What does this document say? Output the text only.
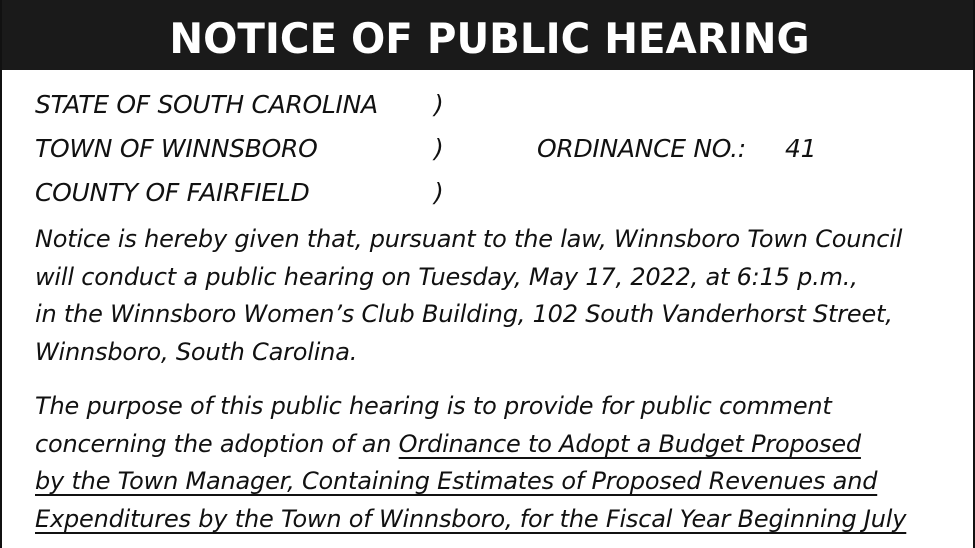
NOTICE OF PUBLIC HEARING
STATE OF SOUTH CAROLINA )
TOWN OF WINNSBORO	)	ORDINANCE NO.: 41
COUNTY OF FAIRFIELD	)
Notice is hereby given that, pursuant to the law, Winnsboro Town Council
will conduct a public hearing on Tuesday, May 17, 2022, at 6:15 p.m.,
in the Winnsboro Women’s Club Building, 102 South Vanderhorst Street,
Winnsboro, South Carolina.
The purpose of this public hearing is to provide for public comment
concerning the adoption of an Ordinance to Adopt a Budget Proposed
by the Town Manager, Containing Estimates of Proposed Revenues and
Expenditures by the Town of Winnsboro, for the Fiscal Year Beginning July
